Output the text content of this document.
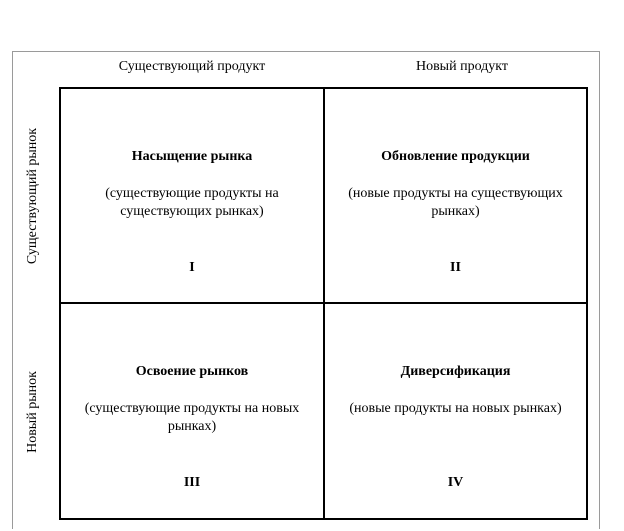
Существующий продукт	Новый продукт
Существующий рынок
Новый рынок
Насыщение рынка
(существующие продукты на существующих рынках)
I
Обновление продукции
(новые продукты на существующих рынках)
II
Освоение рынков
(существующие продукты на новых рынках)
III
Диверсификация
(новые продукты на новых рынках)
IV
